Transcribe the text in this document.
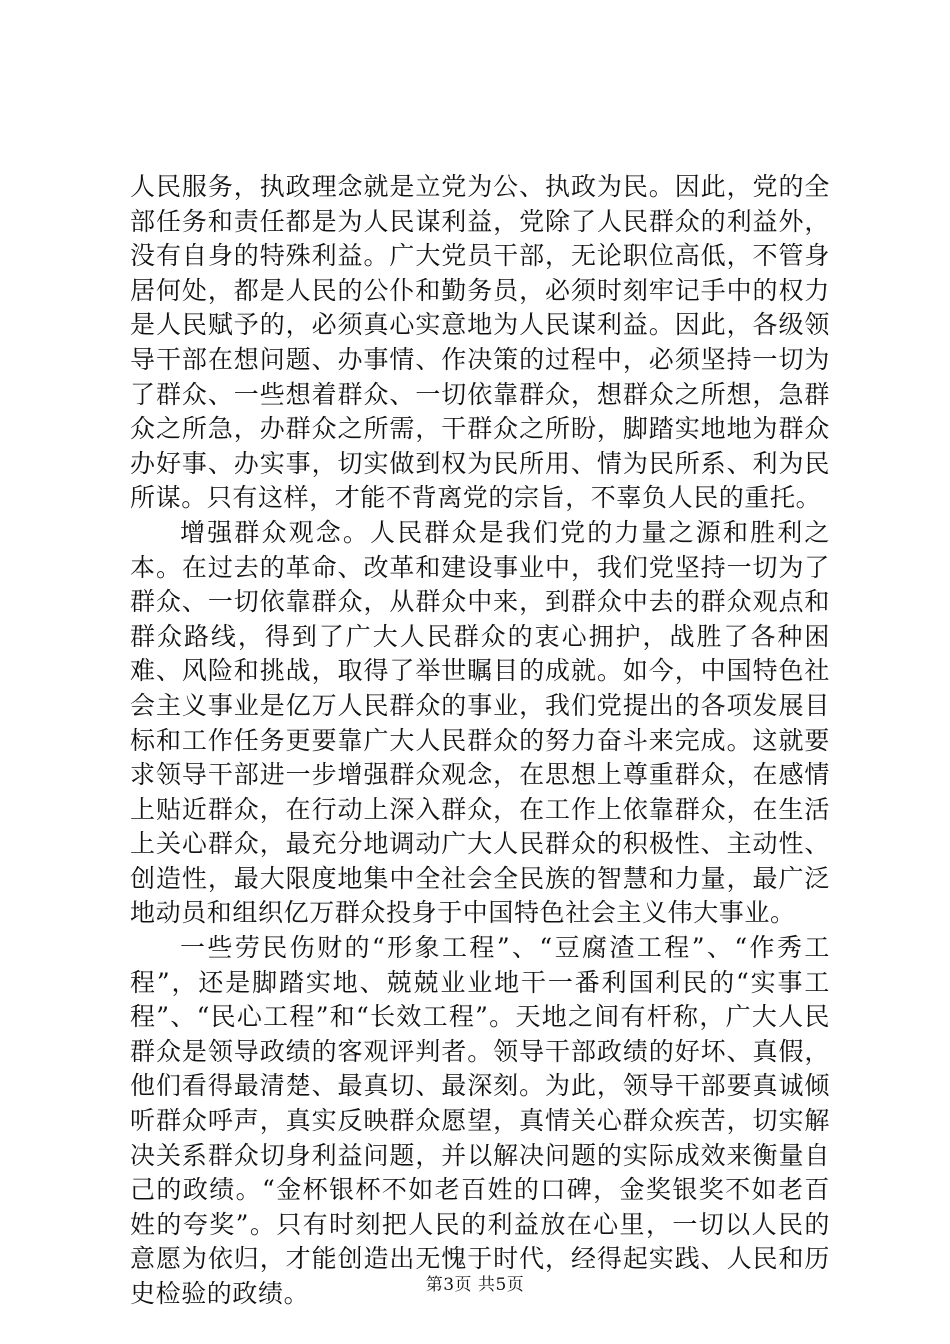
人民服务，执政理念就是立党为公、执政为民。因此，党的全部任务和责任都是为人民谋利益，党除了人民群众的利益外，没有自身的特殊利益。广大党员干部，无论职位高低，不管身居何处，都是人民的公仆和勤务员，必须时刻牢记手中的权力是人民赋予的，必须真心实意地为人民谋利益。因此，各级领导干部在想问题、办事情、作决策的过程中，必须坚持一切为了群众、一些想着群众、一切依靠群众，想群众之所想，急群众之所急，办群众之所需，干群众之所盼，脚踏实地地为群众办好事、办实事，切实做到权为民所用、情为民所系、利为民所谋。只有这样，才能不背离党的宗旨，不辜负人民的重托。

增强群众观念。人民群众是我们党的力量之源和胜利之本。在过去的革命、改革和建设事业中，我们党坚持一切为了群众、一切依靠群众，从群众中来，到群众中去的群众观点和群众路线，得到了广大人民群众的衷心拥护，战胜了各种困难、风险和挑战，取得了举世瞩目的成就。如今，中国特色社会主义事业是亿万人民群众的事业，我们党提出的各项发展目标和工作任务更要靠广大人民群众的努力奋斗来完成。这就要求领导干部进一步增强群众观念，在思想上尊重群众，在感情上贴近群众，在行动上深入群众，在工作上依靠群众，在生活上关心群众，最充分地调动广大人民群众的积极性、主动性、创造性，最大限度地集中全社会全民族的智慧和力量，最广泛地动员和组织亿万群众投身于中国特色社会主义伟大事业。

一些劳民伤财的“形象工程”、“豆腐渣工程”、“作秀工程”，还是脚踏实地、兢兢业业地干一番利国利民的“实事工程”、“民心工程”和“长效工程”。天地之间有杆称，广大人民群众是领导政绩的客观评判者。领导干部政绩的好坏、真假，他们看得最清楚、最真切、最深刻。为此，领导干部要真诚倾听群众呼声，真实反映群众愿望，真情关心群众疾苦，切实解决关系群众切身利益问题，并以解决问题的实际成效来衡量自己的政绩。“金杯银杯不如老百姓的口碑，金奖银奖不如老百姓的夸奖”。只有时刻把人民的利益放在心里，一切以人民的意愿为依归，才能创造出无愧于时代，经得起实践、人民和历史检验的政绩。	第3页 共5页
